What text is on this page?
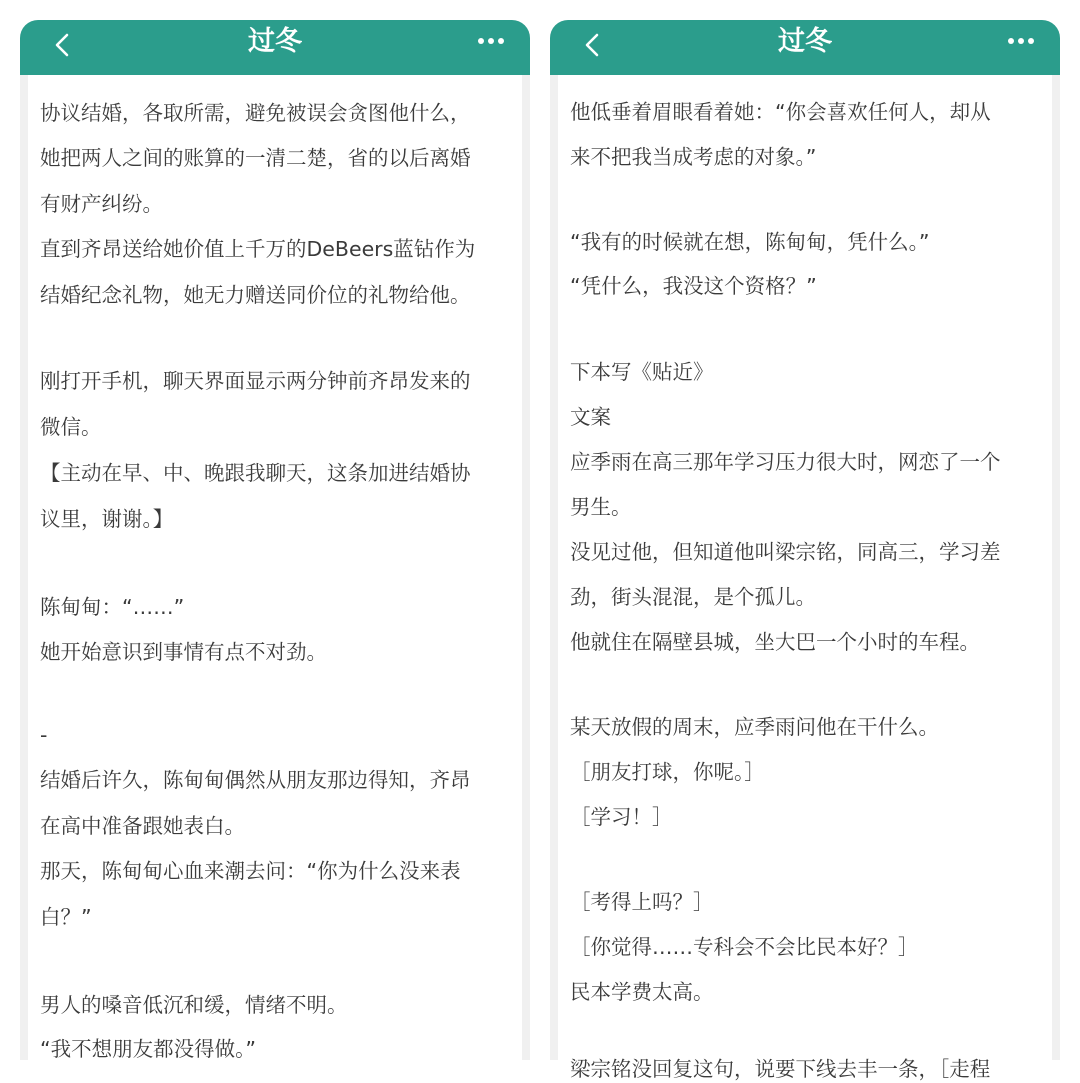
过冬
协议结婚，各取所需，避免被误会贪图他什么，
她把两人之间的账算的一清二楚，省的以后离婚
有财产纠纷。
直到齐昂送给她价值上千万的DeBeers蓝钻作为
结婚纪念礼物，她无力赠送同价位的礼物给他。
刚打开手机，聊天界面显示两分钟前齐昂发来的
微信。
【主动在早、中、晚跟我聊天，这条加进结婚协
议里，谢谢。】
陈甸甸：“……”
她开始意识到事情有点不对劲。
-
结婚后许久，陈甸甸偶然从朋友那边得知，齐昂
在高中准备跟她表白。
那天，陈甸甸心血来潮去问：“你为什么没来表
白？”
男人的嗓音低沉和缓，情绪不明。
“我不想朋友都没得做。”
过冬
他低垂着眉眼看着她：“你会喜欢任何人，却从
来不把我当成考虑的对象。”
“我有的时候就在想，陈甸甸，凭什么。”
“凭什么，我没这个资格？”
下本写《贴近》
文案
应季雨在高三那年学习压力很大时，网恋了一个
男生。
没见过他，但知道他叫梁宗铭，同高三，学习差
劲，街头混混，是个孤儿。
他就住在隔壁县城，坐大巴一个小时的车程。
某天放假的周末，应季雨问他在干什么。
［朋友打球，你呢。］
［学习！］
［考得上吗？］
［你觉得……专科会不会比民本好？］
民本学费太高。
梁宗铭没回复这句，说要下线去丰一条，［走程
